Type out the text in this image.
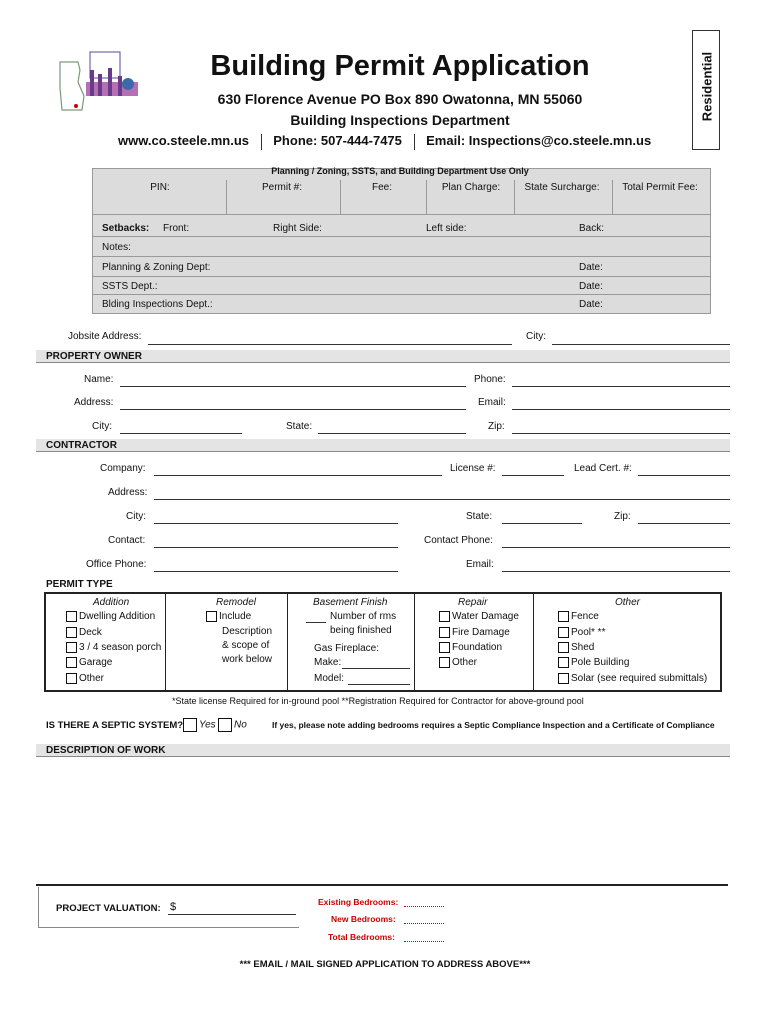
Building Permit Application
630 Florence Avenue PO Box 890 Owatonna, MN 55060
Building Inspections Department
www.co.steele.mn.us Phone: 507-444-7475 Email: Inspections@co.steele.mn.us
Residential
Planning / Zoning, SSTS, and Building Department Use Only
PIN:	Permit #:	Fee:	Plan Charge:	State Surcharge:	Total Permit Fee:
Setbacks: Front:	Right Side:	Left side:	Back:
Notes:
Planning & Zoning Dept:	Date:
SSTS Dept.:	Date:
Blding Inspections Dept.:	Date:
Jobsite Address:	City:
PROPERTY OWNER
Name:	Phone:
Address:	Email:
City:	State:	Zip:
CONTRACTOR
Company:	License #:	Lead Cert. #:
Address:
City:	State:	Zip:
Contact:	Contact Phone:
Office Phone:	Email:
PERMIT TYPE
Addition
Dwelling Addition
Deck
3 / 4 season porch
Garage
Other
Remodel
Include
Description
& scope of
work below
Basement Finish
Number of rms
being finished
Gas Fireplace:
Make:
Model:
Repair
Water Damage
Fire Damage
Foundation
Other
Other
Fence
Pool* **
Shed
Pole Building
Solar (see required submittals)
*State license Required for in-ground pool **Registration Required for Contractor for above-ground pool
IS THERE A SEPTIC SYSTEM?	Yes	No	If yes, please note adding bedrooms requires a Septic Compliance Inspection and a Certificate of Compliance
DESCRIPTION OF WORK
PROJECT VALUATION: $	Existing Bedrooms:
New Bedrooms:
Total Bedrooms:
*** EMAIL / MAIL SIGNED APPLICATION TO ADDRESS ABOVE***
